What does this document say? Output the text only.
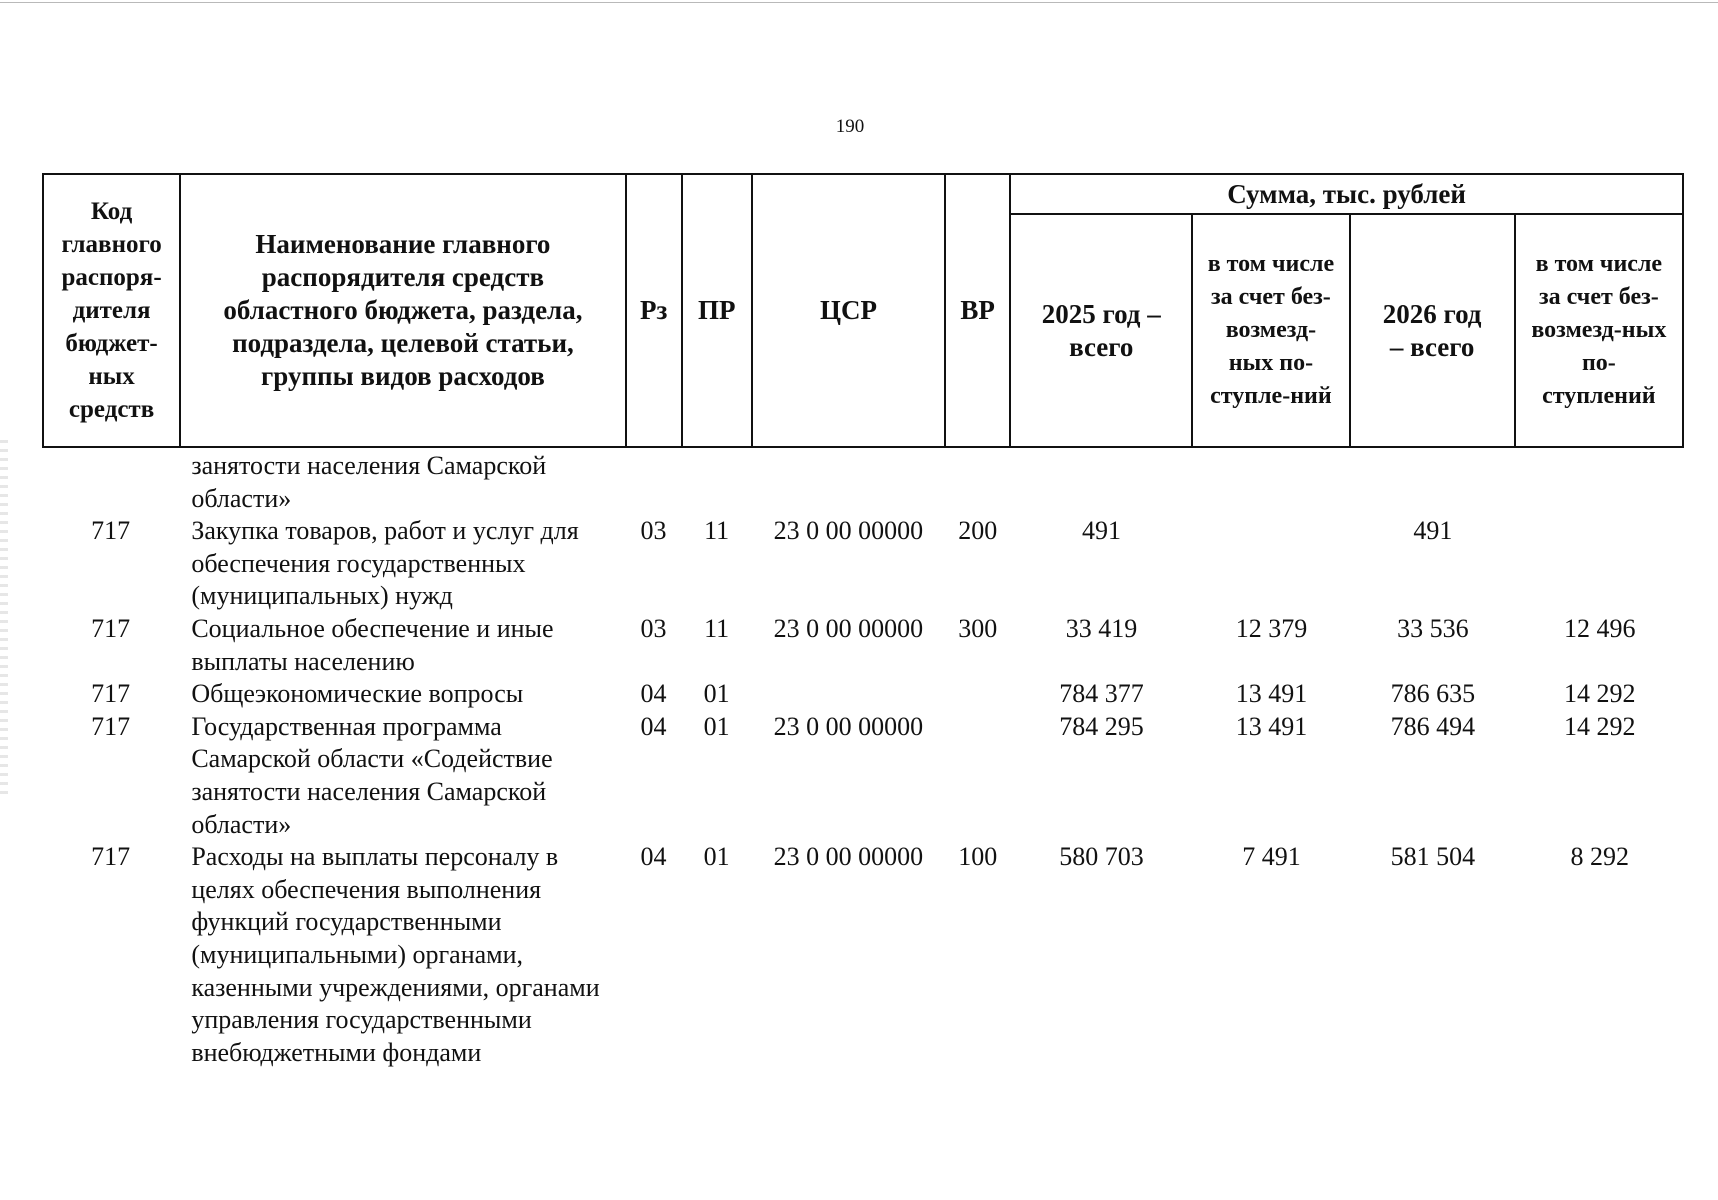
190
Код главного распоря-дителя бюджет-ных средств	Наименование главного распорядителя средств областного бюджета, раздела, подраздела, целевой статьи, группы видов расходов	Рз	ПР	ЦСР	ВР	Сумма, тыс. рублей			
						2025 год – всего	в том числе за счет без-возмезд-ных по-ступле-ний	2026 год – всего	в том числе за счет без-возмезд-ных по-ступлений
	занятости населения Самарской области»								
717	Закупка товаров, работ и услуг для обеспечения государственных (муниципальных) нужд	03	11	23 0 00 00000	200	491		491	
717	Социальное обеспечение и иные выплаты населению	03	11	23 0 00 00000	300	33 419	12 379	33 536	12 496
717	Общеэкономические вопросы	04	01			784 377	13 491	786 635	14 292
717	Государственная программа Самарской области «Содействие занятости населения Самарской области»	04	01	23 0 00 00000		784 295	13 491	786 494	14 292
717	Расходы на выплаты персоналу в целях обеспечения выполнения функций государственными (муниципальными) органами, казенными учреждениями, органами управления государственными внебюджетными фондами	04	01	23 0 00 00000	100	580 703	7 491	581 504	8 292
